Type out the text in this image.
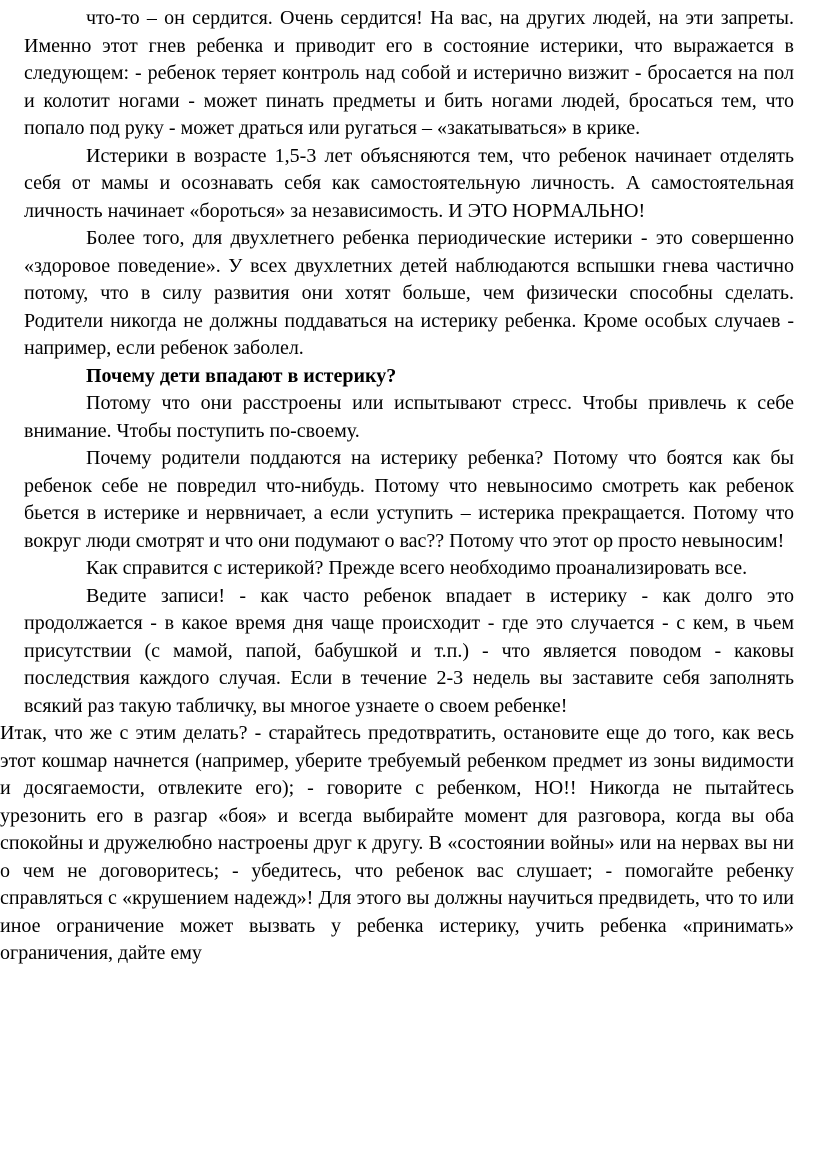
что-то – он сердится. Очень сердится! На вас, на других людей, на эти запреты. Именно этот гнев ребенка и приводит его в состояние истерики, что выражается в следующем: - ребенок теряет контроль над собой и истерично визжит - бросается на пол и колотит ногами - может пинать предметы и бить ногами людей, бросаться тем, что попало под руку - может драться или ругаться – «закатываться» в крике.

Истерики в возрасте 1,5-3 лет объясняются тем, что ребенок начинает отделять себя от мамы и осознавать себя как самостоятельную личность. А самостоятельная личность начинает «бороться» за независимость. И ЭТО НОРМАЛЬНО!

Более того, для двухлетнего ребенка периодические истерики - это совершенно «здоровое поведение». У всех двухлетних детей наблюдаются вспышки гнева частично потому, что в силу развития они хотят больше, чем физически способны сделать. Родители никогда не должны поддаваться на истерику ребенка. Кроме особых случаев - например, если ребенок заболел.

Почему дети впадают в истерику?

Потому что они расстроены или испытывают стресс. Чтобы привлечь к себе внимание. Чтобы поступить по-своему.

Почему родители поддаются на истерику ребенка? Потому что боятся как бы ребенок себе не повредил что-нибудь. Потому что невыносимо смотреть как ребенок бьется в истерике и нервничает, а если уступить – истерика прекращается. Потому что вокруг люди смотрят и что они подумают о вас?? Потому что этот ор просто невыносим!

Как справится с истерикой? Прежде всего необходимо проанализировать все.

Ведите записи! - как часто ребенок впадает в истерику - как долго это продолжается - в какое время дня чаще происходит - где это случается - с кем, в чьем присутствии (с мамой, папой, бабушкой и т.п.) - что является поводом - каковы последствия каждого случая. Если в течение 2-3 недель вы заставите себя заполнять всякий раз такую табличку, вы многое узнаете о своем ребенке!

Итак, что же с этим делать? - старайтесь предотвратить, остановите еще до того, как весь этот кошмар начнется (например, уберите требуемый ребенком предмет из зоны видимости и досягаемости, отвлеките его); - говорите с ребенком, НО!! Никогда не пытайтесь урезонить его в разгар «боя» и всегда выбирайте момент для разговора, когда вы оба спокойны и дружелюбно настроены друг к другу. В «состоянии войны» или на нервах вы ни о чем не договоритесь; - убедитесь, что ребенок вас слушает; - помогайте ребенку справляться с «крушением надежд»! Для этого вы должны научиться предвидеть, что то или иное ограничение может вызвать у ребенка истерику, учить ребенка «принимать» ограничения, дайте ему
